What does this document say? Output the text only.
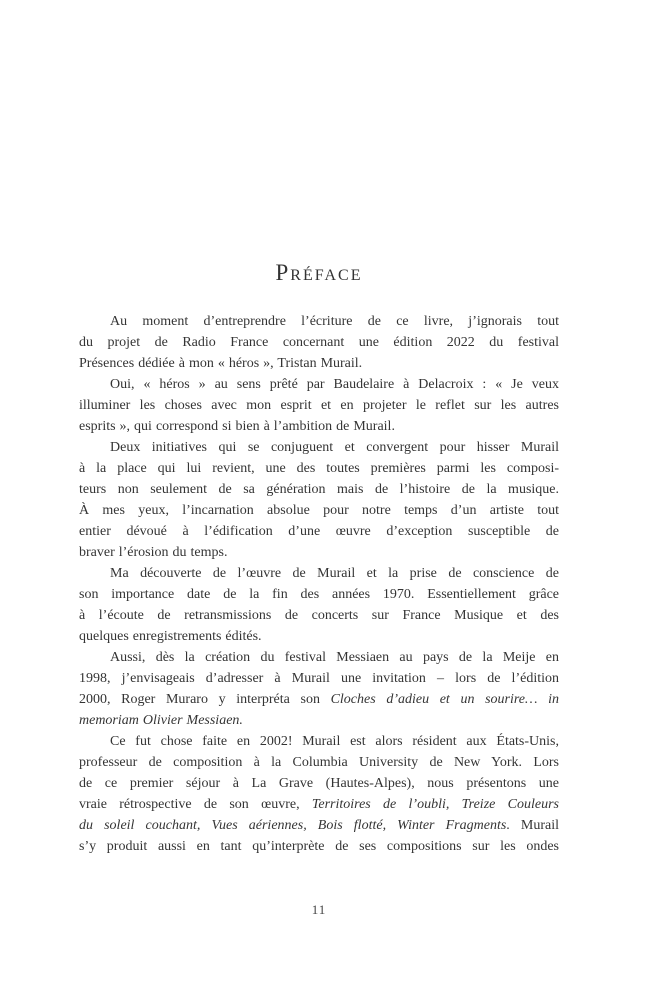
Préface
Au moment d’entreprendre l’écriture de ce livre, j’ignorais tout
du projet de Radio France concernant une édition 2022 du festival
Présences dédiée à mon « héros », Tristan Murail.
Oui, « héros » au sens prêté par Baudelaire à Delacroix : « Je veux
illuminer les choses avec mon esprit et en projeter le reflet sur les autres
esprits », qui correspond si bien à l’ambition de Murail.
Deux initiatives qui se conjuguent et convergent pour hisser Murail
à la place qui lui revient, une des toutes premières parmi les composi-
teurs non seulement de sa génération mais de l’histoire de la musique.
À mes yeux, l’incarnation absolue pour notre temps d’un artiste tout
entier dévoué à l’édification d’une œuvre d’exception susceptible de
braver l’érosion du temps.
Ma découverte de l’œuvre de Murail et la prise de conscience de
son importance date de la fin des années 1970. Essentiellement grâce
à l’écoute de retransmissions de concerts sur France Musique et des
quelques enregistrements édités.
Aussi, dès la création du festival Messiaen au pays de la Meije en
1998, j’envisageais d’adresser à Murail une invitation – lors de l’édition
2000, Roger Muraro y interpréta son Cloches d’adieu et un sourire… in
memoriam Olivier Messiaen.
Ce fut chose faite en 2002! Murail est alors résident aux États-Unis,
professeur de composition à la Columbia University de New York. Lors
de ce premier séjour à La Grave (Hautes-Alpes), nous présentons une
vraie rétrospective de son œuvre, Territoires de l’oubli, Treize Couleurs
du soleil couchant, Vues aériennes, Bois flotté, Winter Fragments. Murail
s’y produit aussi en tant qu’interprète de ses compositions sur les ondes
11
